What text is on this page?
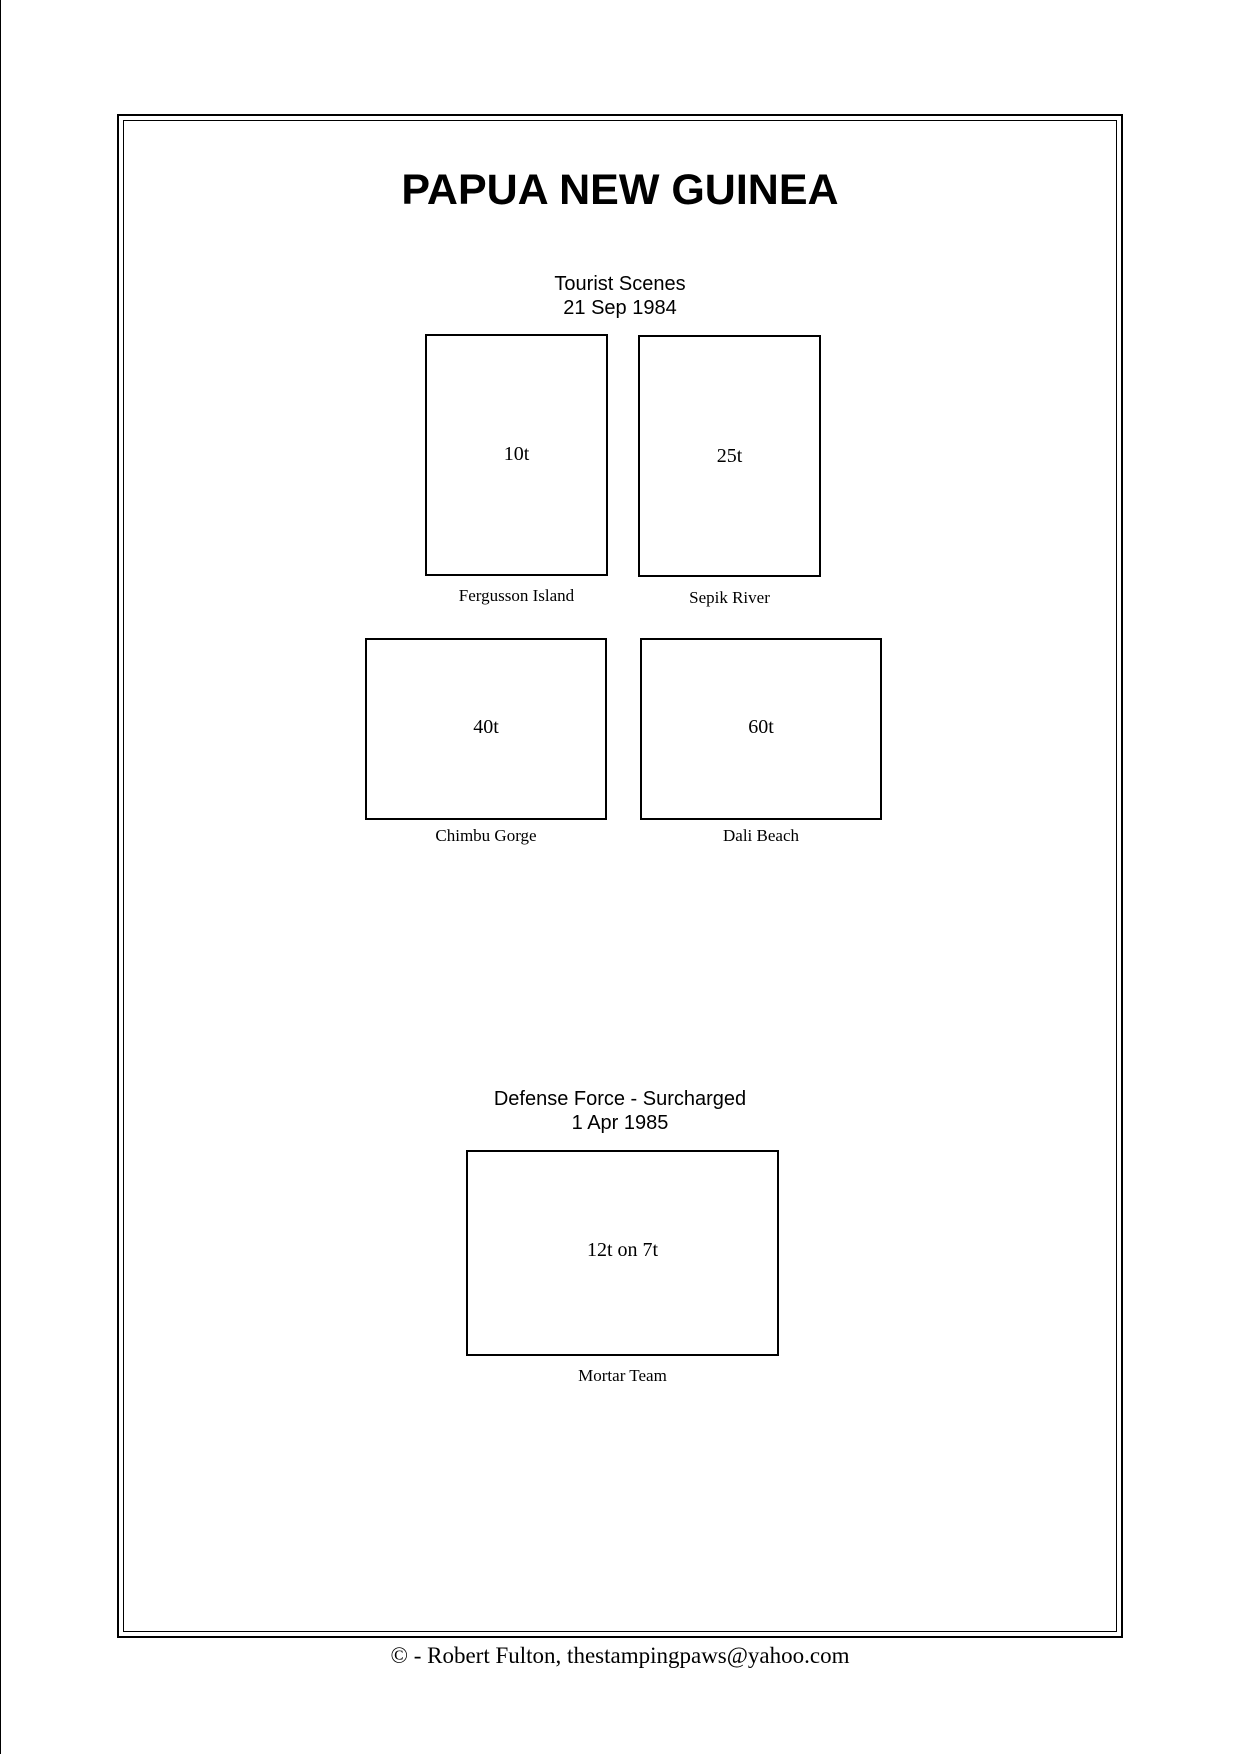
PAPUA NEW GUINEA
Tourist Scenes
21 Sep 1984
10t
Fergusson Island
25t
Sepik River
40t
Chimbu Gorge
60t
Dali Beach
Defense Force - Surcharged
1 Apr 1985
12t on 7t
Mortar Team
© - Robert Fulton, thestampingpaws@yahoo.com
